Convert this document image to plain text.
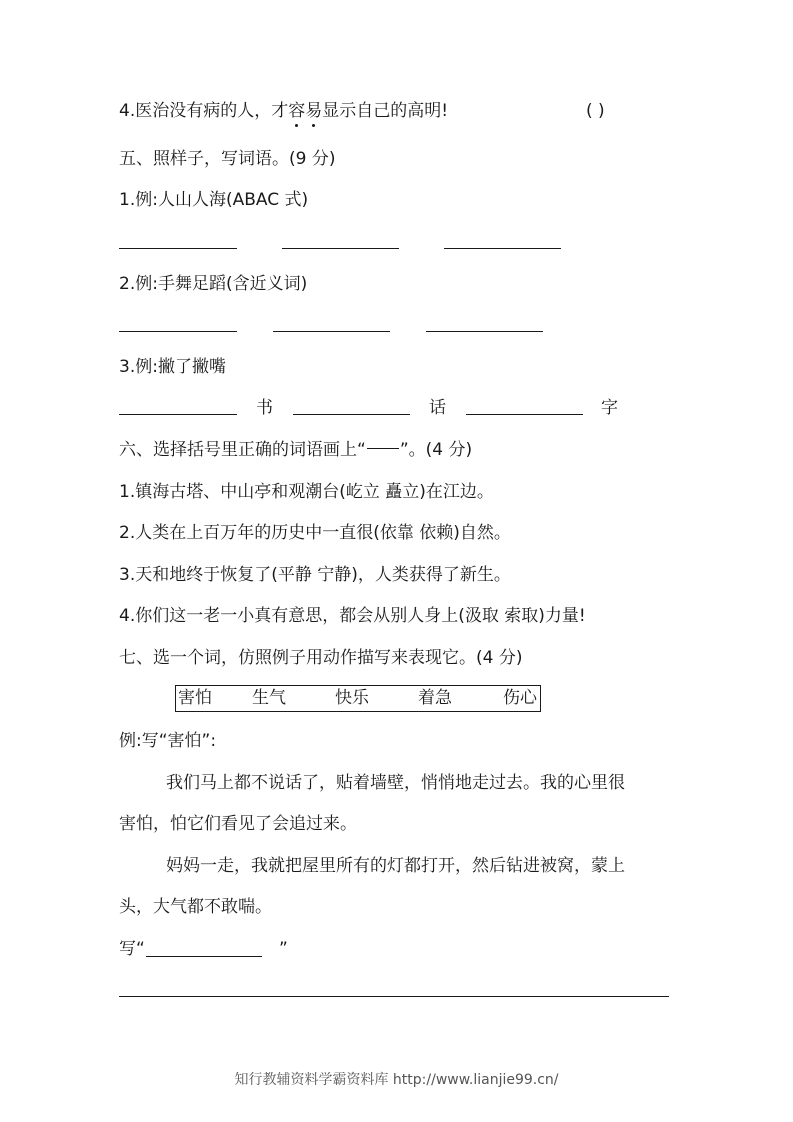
4.医治没有病的人，才容易显示自己的高明!	( )
五、照样子，写词语。(9 分)
1.例:人山人海(ABAC 式)
2.例:手舞足蹈(含近义词)
3.例:撇了撇嘴
书	话	字
六、选择括号里正确的词语画上“ ”。(4 分)
1.镇海古塔、中山亭和观潮台(屹立 矗立)在江边。
2.人类在上百万年的历史中一直很(依靠 依赖)自然。
3.天和地终于恢复了(平静 宁静)，人类获得了新生。
4.你们这一老一小真有意思，都会从别人身上(汲取 索取)力量!
七、选一个词，仿照例子用动作描写来表现它。(4 分)
害怕 生气	快乐	着急	伤心
例:写“害怕”:
我们马上都不说话了，贴着墙壁，悄悄地走过去。我的心里很
害怕，怕它们看见了会追过来。
妈妈一走，我就把屋里所有的灯都打开，然后钻进被窝，蒙上
头，大气都不敢喘。
写“	”
知行教辅资料学霸资料库 http://www.lianjie99.cn/
